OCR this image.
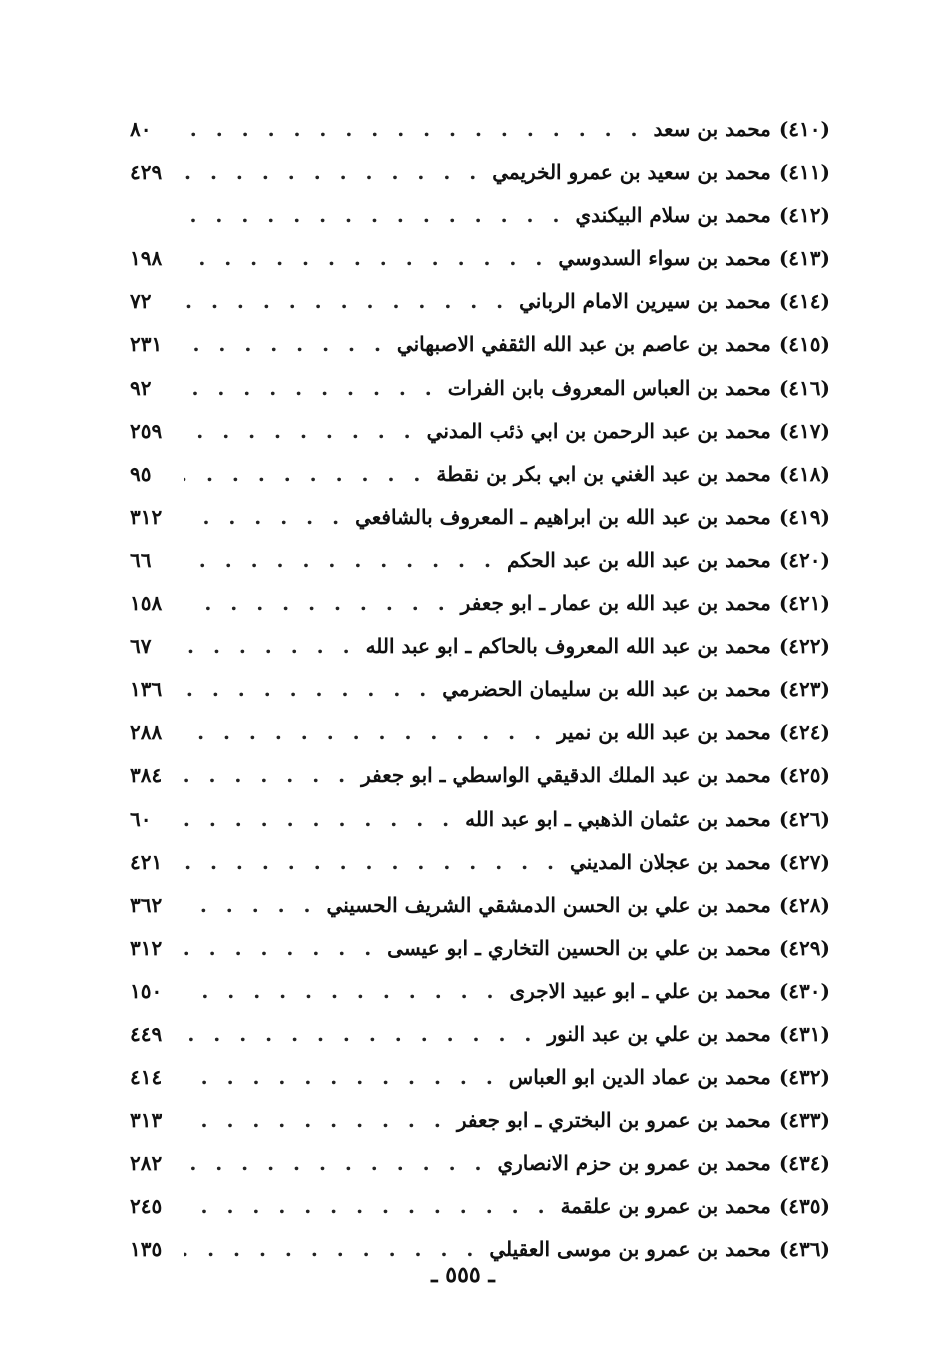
(٤١٠)
محمد بن سعد
. . .
٨٠
(٤١١)
محمد بن سعيد بن عمرو الخريمي
. . .
٤٢٩
(٤١٢)
محمد بن سلام البيكندي
. . .
(٤١٣)
محمد بن سواء السدوسي
. . .
١٩٨
(٤١٤)
محمد بن سيرين الامام الرباني
. . .
٧٢
(٤١٥)
محمد بن عاصم بن عبد الله الثقفي الاصبهاني
. . .
٢٣١
(٤١٦)
محمد بن العباس المعروف بابن الفرات
. . .
٩٢
(٤١٧)
محمد بن عبد الرحمن بن ابي ذئب المدني
. . .
٢٥٩
(٤١٨)
محمد بن عبد الغني بن ابي بكر بن نقطة
. . .
٩٥
(٤١٩)
محمد بن عبد الله بن ابراهيم ـ المعروف بالشافعي
. . .
٣١٢
(٤٢٠)
محمد بن عبد الله بن عبد الحكم
. . .
٦٦
(٤٢١)
محمد بن عبد الله بن عمار ـ ابو جعفر
. . .
١٥٨
(٤٢٢)
محمد بن عبد الله المعروف بالحاكم ـ ابو عبد الله
. . .
٦٧
(٤٢٣)
محمد بن عبد الله بن سليمان الحضرمي
. . .
١٣٦
(٤٢٤)
محمد بن عبد الله بن نمير
. . .
٢٨٨
(٤٢٥)
محمد بن عبد الملك الدقيقي الواسطي ـ ابو جعفر
. . .
٣٨٤
(٤٢٦)
محمد بن عثمان الذهبي ـ ابو عبد الله
. . .
٦٠
(٤٢٧)
محمد بن عجلان المديني
. . .
٤٢١
(٤٢٨)
محمد بن علي بن الحسن الدمشقي الشريف الحسيني
. . .
٣٦٢
(٤٢٩)
محمد بن علي بن الحسين التخاري ـ ابو عيسى
. . .
٣١٢
(٤٣٠)
محمد بن علي ـ ابو عبيد الاجرى
. . .
١٥٠
(٤٣١)
محمد بن علي بن عبد النور
. . .
٤٤٩
(٤٣٢)
محمد بن عماد الدين ابو العباس
. . .
٤١٤
(٤٣٣)
محمد بن عمرو بن البختري ـ ابو جعفر
. . .
٣١٣
(٤٣٤)
محمد بن عمرو بن حزم الانصاري
. . .
٢٨٢
(٤٣٥)
محمد بن عمرو بن علقمة
. . .
٢٤٥
(٤٣٦)
محمد بن عمرو بن موسى العقيلي
. . .
١٣٥
ـ ٥٥٥ ـ
